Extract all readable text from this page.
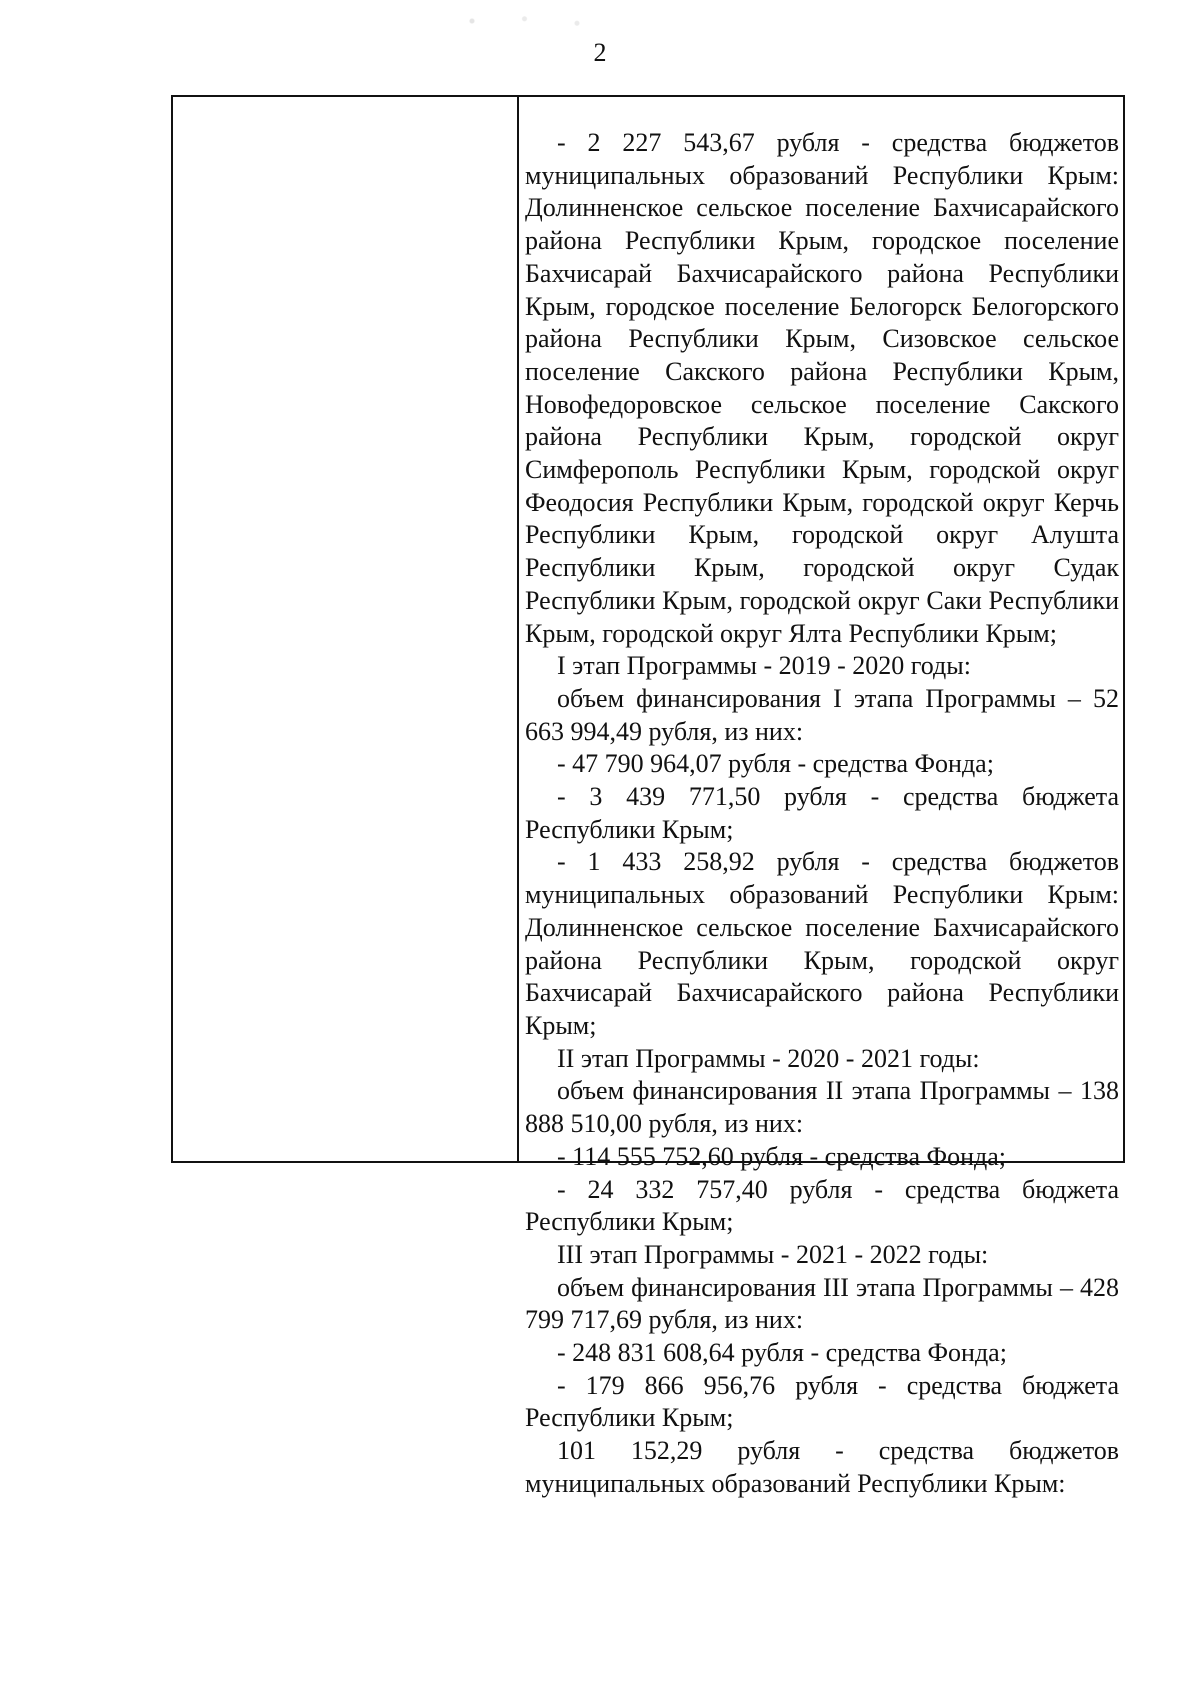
2

- 2 227 543,67 рубля - средства бюджетов муниципальных образований Республики Крым: Долинненское сельское поселение Бахчисарайского района Республики Крым, городское поселение Бахчисарай Бахчисарайского района Республики Крым, городское поселение Белогорск Белогорского района Республики Крым, Сизовское сельское поселение Сакского района Республики Крым, Новофедоровское сельское поселение Сакского района Республики Крым, городской округ Симферополь Республики Крым, городской округ Феодосия Республики Крым, городской округ Керчь Республики Крым, городской округ Алушта Республики Крым, городской округ Судак Республики Крым, городской округ Саки Республики Крым, городской округ Ялта Республики Крым;

I этап Программы - 2019 - 2020 годы:

объем финансирования I этапа Программы – 52 663 994,49 рубля, из них:

- 47 790 964,07 рубля - средства Фонда;

- 3 439 771,50 рубля - средства бюджета Республики Крым;

- 1 433 258,92 рубля - средства бюджетов муниципальных образований Республики Крым: Долинненское сельское поселение Бахчисарайского района Республики Крым, городской округ Бахчисарай Бахчисарайского района Республики Крым;

II этап Программы - 2020 - 2021 годы:

объем финансирования II этапа Программы – 138 888 510,00 рубля, из них:

- 114 555 752,60 рубля - средства Фонда;

- 24 332 757,40 рубля - средства бюджета Республики Крым;

III этап Программы - 2021 - 2022 годы:

объем финансирования III этапа Программы – 428 799 717,69 рубля, из них:

- 248 831 608,64 рубля - средства Фонда;

- 179 866 956,76 рубля - средства бюджета Республики Крым;

101 152,29 рубля - средства бюджетов муниципальных образований Республики Крым:
